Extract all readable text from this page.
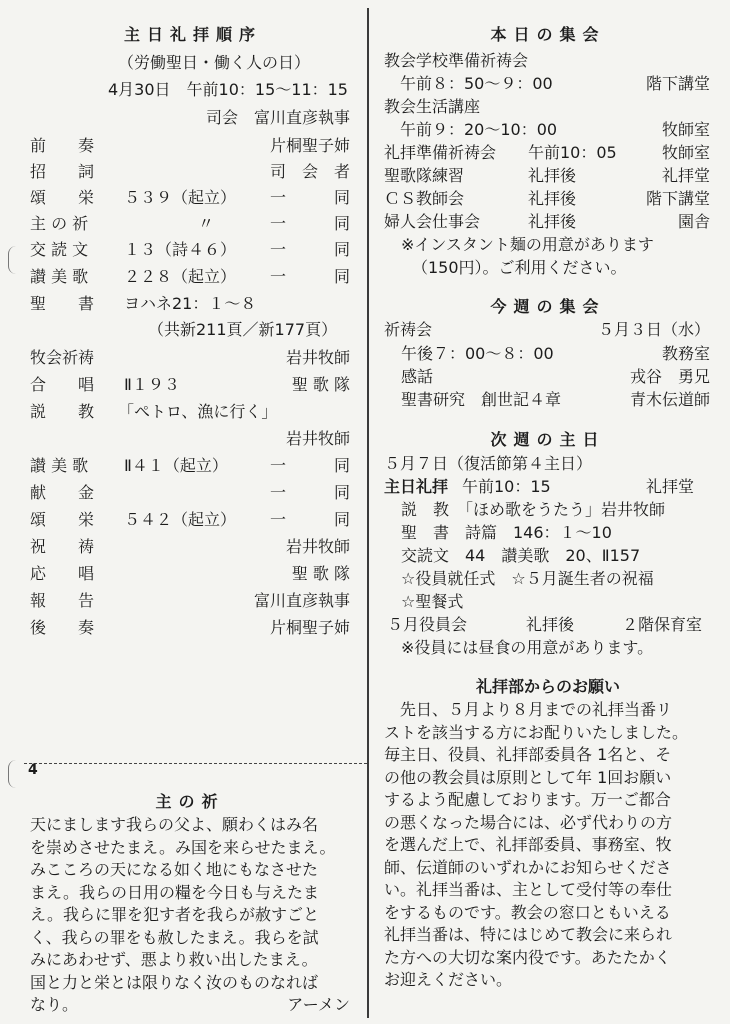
主日礼拝順序
（労働聖日・働く人の日）
4月30日　午前10：15〜11：15
司会　富川直彦執事
前　　奏	片桐聖子姉
招　　詞	司　会　者
頌　　栄 ５３９（起立）	一　　　同
主 の 祈	〃	一　　　同
交 読 文 １３（詩４６）	一　　　同
讃 美 歌 ２２８（起立）	一　　　同
聖　　書 ヨハネ21：１〜８
（共新211頁／新177頁）
牧会祈祷	岩井牧師
合　　唱 Ⅱ１９３	聖 歌 隊
説　　教 「ペトロ、漁に行く」
岩井牧師
讃 美 歌 Ⅱ４１（起立）	一　　　同
献　　金	一　　　同
頌　　栄 ５４２（起立）	一　　　同
祝　　祷	岩井牧師
応　　唱	聖 歌 隊
報　　告	富川直彦執事
後　　奏	片桐聖子姉
4
主の祈
天にまします我らの父よ、願わくはみ名
を崇めさせたまえ。み国を来らせたまえ。
みこころの天になる如く地にもなさせた
まえ。我らの日用の糧を今日も与えたま
え。我らに罪を犯す者を我らが赦すごと
く、我らの罪をも赦したまえ。我らを試
みにあわせず、悪より救い出したまえ。
国と力と栄とは限りなく汝のものなれば
なり。	アーメン
本日の集会
教会学校準備祈祷会
　午前８：50〜９：00	階下講堂
教会生活講座
　午前９：20〜10：00	牧師室
礼拝準備祈祷会 午前10：05	牧師室
聖歌隊練習	礼拝後	礼拝堂
ＣＳ教師会	礼拝後	階下講堂
婦人会仕事会	礼拝後	園舎
※インスタント麺の用意があります
（150円）。ご利用ください。
今週の集会
祈祷会	５月３日（水）
午後７：00〜８：00	教務室
感話	戎谷　勇兄
聖書研究　創世記４章	青木伝道師
次週の主日
５月７日（復活節第４主日）
主日礼拝 午前10：15	礼拝堂
説　教　「ほめ歌をうたう」岩井牧師
聖　書　詩篇　146：１〜10
交読文　44　讃美歌　20、Ⅱ157
☆役員就任式　☆５月誕生者の祝福
☆聖餐式
５月役員会	礼拝後	２階保育室
※役員には昼食の用意があります。
礼拝部からのお願い
先日、５月より８月までの礼拝当番リ
ストを該当する方にお配りいたしました。
毎主日、役員、礼拝部委員各 1名と、そ
の他の教会員は原則として年 1回お願い
するよう配慮しております。万一ご都合
の悪くなった場合には、必ず代わりの方
を選んだ上で、礼拝部委員、事務室、牧
師、伝道師のいずれかにお知らせくださ
い。礼拝当番は、主として受付等の奉仕
をするものです。教会の窓口ともいえる
礼拝当番は、特にはじめて教会に来られ
た方への大切な案内役です。あたたかく
お迎えください。
